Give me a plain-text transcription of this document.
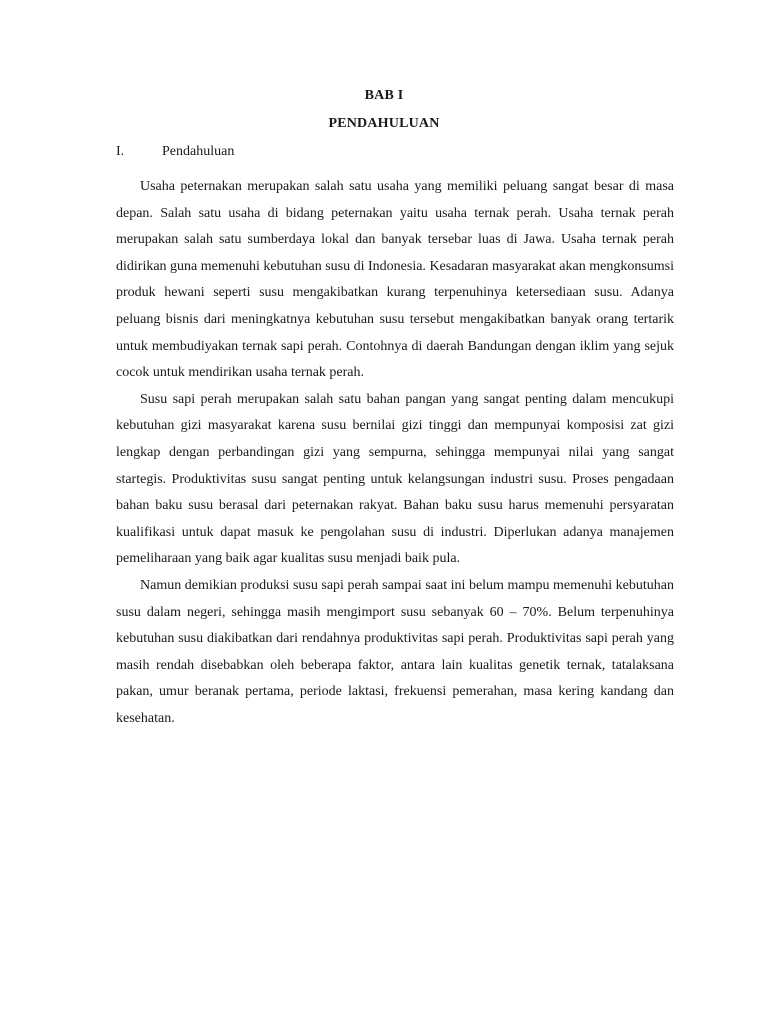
BAB I
PENDAHULUAN
I.	Pendahuluan

Usaha peternakan merupakan salah satu usaha yang memiliki peluang sangat besar di masa depan. Salah satu usaha di bidang peternakan yaitu usaha ternak perah. Usaha ternak perah merupakan salah satu sumberdaya lokal dan banyak tersebar luas di Jawa. Usaha ternak perah didirikan guna memenuhi kebutuhan susu di Indonesia. Kesadaran masyarakat akan mengkonsumsi produk hewani seperti susu mengakibatkan kurang terpenuhinya ketersediaan susu. Adanya peluang bisnis dari meningkatnya kebutuhan susu tersebut mengakibatkan banyak orang tertarik untuk membudiyakan ternak sapi perah. Contohnya di daerah Bandungan dengan iklim yang sejuk cocok untuk mendirikan usaha ternak perah.

Susu sapi perah merupakan salah satu bahan pangan yang sangat penting dalam mencukupi kebutuhan gizi masyarakat karena susu bernilai gizi tinggi dan mempunyai komposisi zat gizi lengkap dengan perbandingan gizi yang sempurna, sehingga mempunyai nilai yang sangat startegis. Produktivitas susu sangat penting untuk kelangsungan industri susu. Proses pengadaan bahan baku susu berasal dari peternakan rakyat. Bahan baku susu harus memenuhi persyaratan kualifikasi untuk dapat masuk ke pengolahan susu di industri. Diperlukan adanya manajemen pemeliharaan yang baik agar kualitas susu menjadi baik pula.

Namun demikian produksi susu sapi perah sampai saat ini belum mampu memenuhi kebutuhan susu dalam negeri, sehingga masih mengimport susu sebanyak 60 – 70%. Belum terpenuhinya kebutuhan susu diakibatkan dari rendahnya produktivitas sapi perah. Produktivitas sapi perah yang masih rendah disebabkan oleh beberapa faktor, antara lain kualitas genetik ternak, tatalaksana pakan, umur beranak pertama, periode laktasi, frekuensi pemerahan, masa kering kandang dan kesehatan.
